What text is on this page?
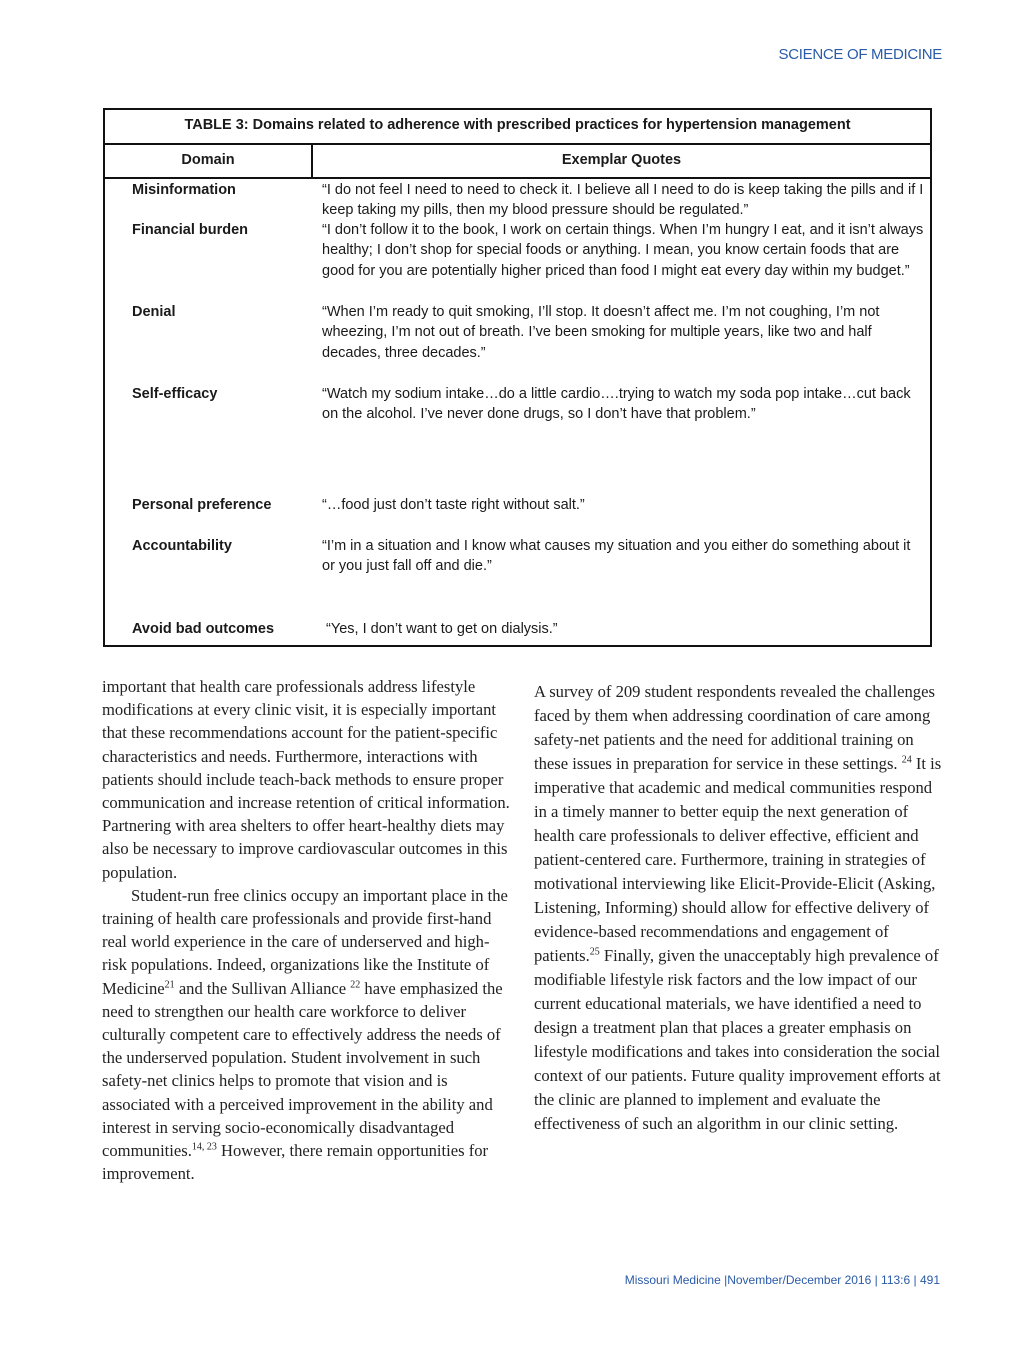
SCIENCE OF MEDICINE
TABLE 3: Domains related to adherence with prescribed practices for hypertension management
Domain	Exemplar Quotes
Misinformation	“I do not feel I need to need to check it. I believe all I need to do is keep taking the pills and if I keep taking my pills, then my blood pressure should be regulated.”
Financial burden	“I don’t follow it to the book, I work on certain things. When I’m hungry I eat, and it isn’t always healthy; I don’t shop for special foods or anything. I mean, you know certain foods that are good for you are potentially higher priced than food I might eat every day within my budget.”
Denial	“When I’m ready to quit smoking, I’ll stop. It doesn’t affect me. I’m not coughing, I’m not wheezing, I’m not out of breath. I’ve been smoking for multiple years, like two and half decades, three decades.”
Self-efficacy	“Watch my sodium intake…do a little cardio….trying to watch my soda pop intake…cut back on the alcohol. I’ve never done drugs, so I don’t have that problem.”
Personal preference	“…food just don’t taste right without salt.”
Accountability	“I’m in a situation and I know what causes my situation and you either do something about it or you just fall off and die.”
Avoid bad outcomes	“Yes, I don’t want to get on dialysis.”

important that health care professionals address lifestyle modifications at every clinic visit, it is especially important that these recommendations account for the patient-specific characteristics and needs. Furthermore, interactions with patients should include teach-back methods to ensure proper communication and increase retention of critical information. Partnering with area shelters to offer heart-healthy diets may also be necessary to improve cardiovascular outcomes in this population.

Student-run free clinics occupy an important place in the training of health care professionals and provide first-hand real world experience in the care of underserved and high-risk populations. Indeed, organizations like the Institute of Medicine$^{21}$ and the Sullivan Alliance $^{22}$ have emphasized the need to strengthen our health care workforce to deliver culturally competent care to effectively address the needs of the underserved population. Student involvement in such safety-net clinics helps to promote that vision and is associated with a perceived improvement in the ability and interest in serving socio-economically disadvantaged communities.$^{14, 23}$ However, there remain opportunities for improvement.

A survey of 209 student respondents revealed the challenges faced by them when addressing coordination of care among safety-net patients and the need for additional training on these issues in preparation for service in these settings. $^{24}$ It is imperative that academic and medical communities respond in a timely manner to better equip the next generation of health care professionals to deliver effective, efficient and patient-centered care. Furthermore, training in strategies of motivational interviewing like Elicit-Provide-Elicit (Asking, Listening, Informing) should allow for effective delivery of evidence-based recommendations and engagement of patients.$^{25}$ Finally, given the unacceptably high prevalence of modifiable lifestyle risk factors and the low impact of our current educational materials, we have identified a need to design a treatment plan that places a greater emphasis on lifestyle modifications and takes into consideration the social context of our patients. Future quality improvement efforts at the clinic are planned to implement and evaluate the effectiveness of such an algorithm in our clinic setting.

Missouri Medicine |November/December 2016 | 113:6 | 491
